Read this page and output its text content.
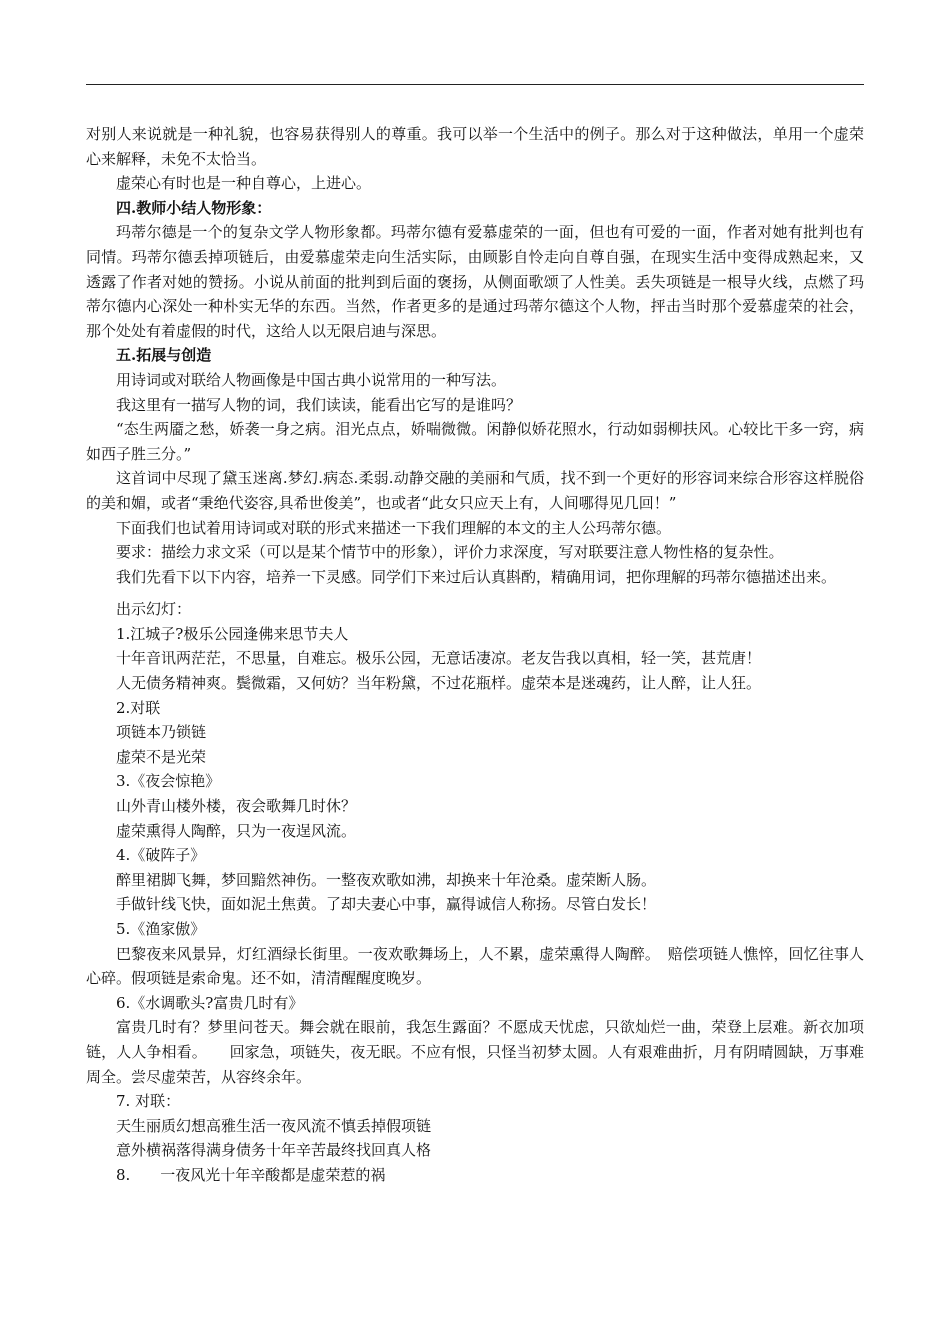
对别人来说就是一种礼貌，也容易获得别人的尊重。我可以举一个生活中的例子。那么对于这种做法，单用一个虚荣心来解释，未免不太恰当。

虚荣心有时也是一种自尊心，上进心。

四.教师小结人物形象：

玛蒂尔德是一个的复杂文学人物形象都。玛蒂尔德有爱慕虚荣的一面，但也有可爱的一面，作者对她有批判也有同情。玛蒂尔德丢掉项链后，由爱慕虚荣走向生活实际，由顾影自怜走向自尊自强，在现实生活中变得成熟起来，又透露了作者对她的赞扬。小说从前面的批判到后面的褒扬，从侧面歌颂了人性美。丢失项链是一根导火线，点燃了玛蒂尔德内心深处一种朴实无华的东西。当然，作者更多的是通过玛蒂尔德这个人物，抨击当时那个爱慕虚荣的社会，那个处处有着虚假的时代，这给人以无限启迪与深思。

五.拓展与创造

用诗词或对联给人物画像是中国古典小说常用的一种写法。

我这里有一描写人物的词，我们读读，能看出它写的是谁吗？

“态生两靥之愁，娇袭一身之病。泪光点点，娇喘微微。闲静似娇花照水，行动如弱柳扶风。心较比干多一窍，病如西子胜三分。”

这首词中尽现了黛玉迷离.梦幻.病态.柔弱.动静交融的美丽和气质，找不到一个更好的形容词来综合形容这样脱俗的美和媚，或者“秉绝代姿容,具希世俊美”，也或者“此女只应天上有，人间哪得见几回！”

下面我们也试着用诗词或对联的形式来描述一下我们理解的本文的主人公玛蒂尔德。

要求：描绘力求文采（可以是某个情节中的形象），评价力求深度，写对联要注意人物性格的复杂性。

我们先看下以下内容，培养一下灵感。同学们下来过后认真斟酌，精确用词，把你理解的玛蒂尔德描述出来。

出示幻灯：

1.江城子?极乐公园逢佛来思节夫人

十年音讯两茫茫，不思量，自难忘。极乐公园，无意话凄凉。老友告我以真相，轻一笑，甚荒唐！

人无债务精神爽。鬓微霜，又何妨？当年粉黛，不过花瓶样。虚荣本是迷魂药，让人醉，让人狂。

2.对联

项链本乃锁链

虚荣不是光荣

3.《夜会惊艳》

山外青山楼外楼，夜会歌舞几时休？

虚荣熏得人陶醉，只为一夜逞风流。

4.《破阵子》

醉里裙脚飞舞，梦回黯然神伤。一整夜欢歌如沸，却换来十年沧桑。虚荣断人肠。

手做针线飞快，面如泥土焦黄。了却夫妻心中事，赢得诚信人称扬。尽管白发长！

5.《渔家傲》

巴黎夜来风景异，灯红酒绿长街里。一夜欢歌舞场上，人不累，虚荣熏得人陶醉。　赔偿项链人憔悴，回忆往事人心碎。假项链是索命鬼。还不如，清清醒醒度晚岁。

6.《水调歌头?富贵几时有》

富贵几时有？梦里问苍天。舞会就在眼前，我怎生露面？不愿成天忧虑，只欲灿烂一曲，荣登上层难。新衣加项链，人人争相看。　　回家急，项链失，夜无眠。不应有恨，只怪当初梦太圆。人有艰难曲折，月有阴晴圆缺，万事难周全。尝尽虚荣苦，从容终余年。

7. 对联：

天生丽质幻想高雅生活一夜风流不慎丢掉假项链

意外横祸落得满身债务十年辛苦最终找回真人格

8.　　一夜风光十年辛酸都是虚荣惹的祸
